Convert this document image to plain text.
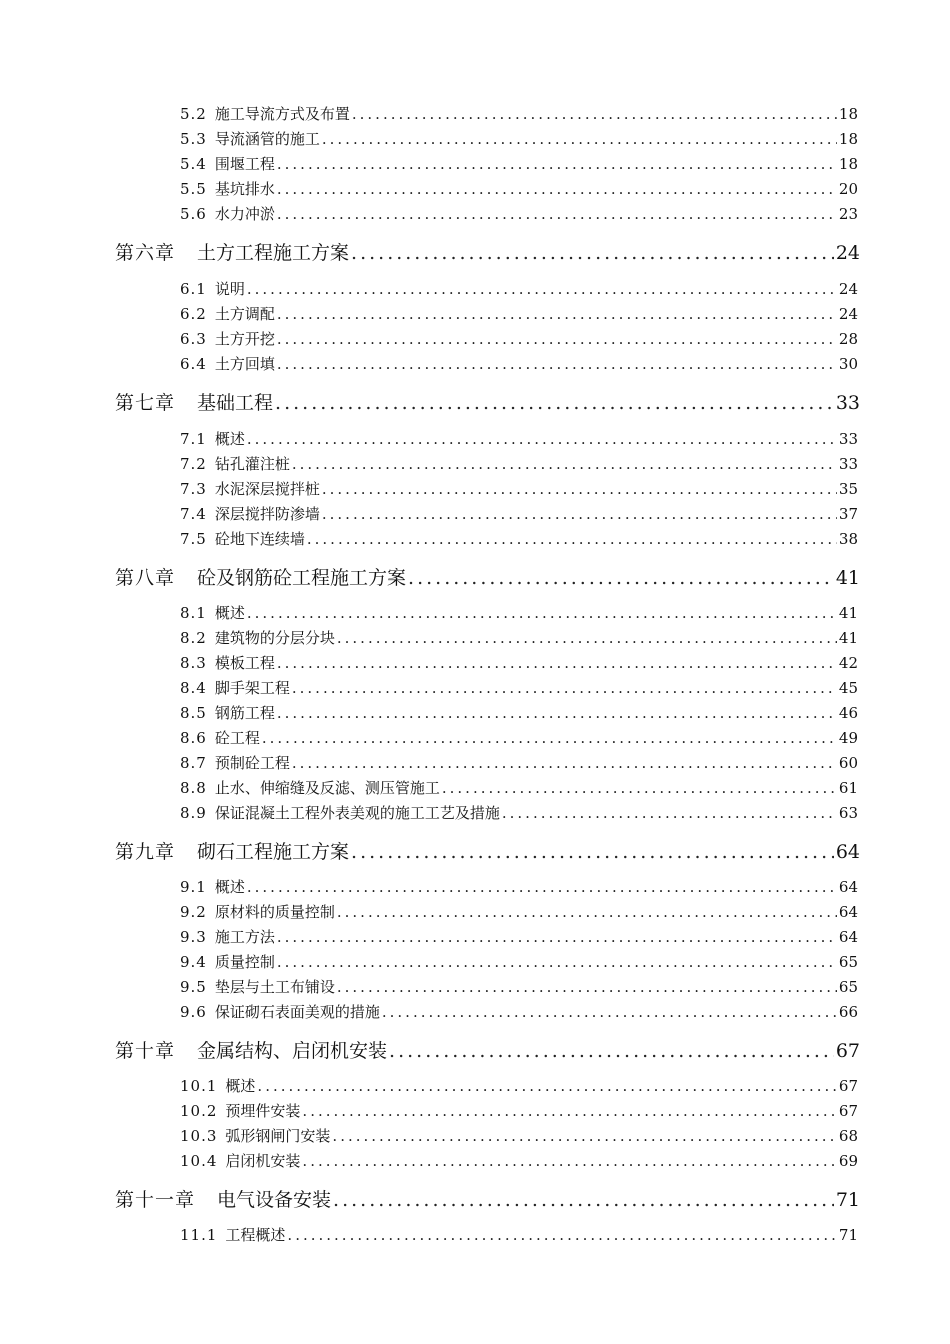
5.2 施工导流方式及布置 .....	18
5.3 导流涵管的施工 .....	18
5.4 围堰工程 .....	18
5.5 基坑排水 .....	20
5.6 水力冲淤 .....	23
第六章 土方工程施工方案 .....	24
6.1 说明 .....	24
6.2 土方调配 .....	24
6.3 土方开挖 .....	28
6.4 土方回填 .....	30
第七章 基础工程 .....	33
7.1 概述 .....	33
7.2 钻孔灌注桩 .....	33
7.3 水泥深层搅拌桩 .....	35
7.4 深层搅拌防渗墙 .....	37
7.5 砼地下连续墙 .....	38
第八章 砼及钢筋砼工程施工方案 .....	41
8.1 概述 .....	41
8.2 建筑物的分层分块 .....	41
8.3 模板工程 .....	42
8.4 脚手架工程 .....	45
8.5 钢筋工程 .....	46
8.6 砼工程 .....	49
8.7 预制砼工程 .....	60
8.8 止水、伸缩缝及反滤、测压管施工 .....	61
8.9 保证混凝土工程外表美观的施工工艺及措施 .....	63
第九章 砌石工程施工方案 .....	64
9.1 概述 .....	64
9.2 原材料的质量控制 .....	64
9.3 施工方法 .....	64
9.4 质量控制 .....	65
9.5 垫层与土工布铺设 .....	65
9.6 保证砌石表面美观的措施 .....	66
第十章 金属结构、启闭机安装 .....	67
10.1 概述 .....	67
10.2 预埋件安装 .....	67
10.3 弧形钢闸门安装 .....	68
10.4 启闭机安装 .....	69
第十一章 电气设备安装 .....	71
11.1 工程概述 .....	71
